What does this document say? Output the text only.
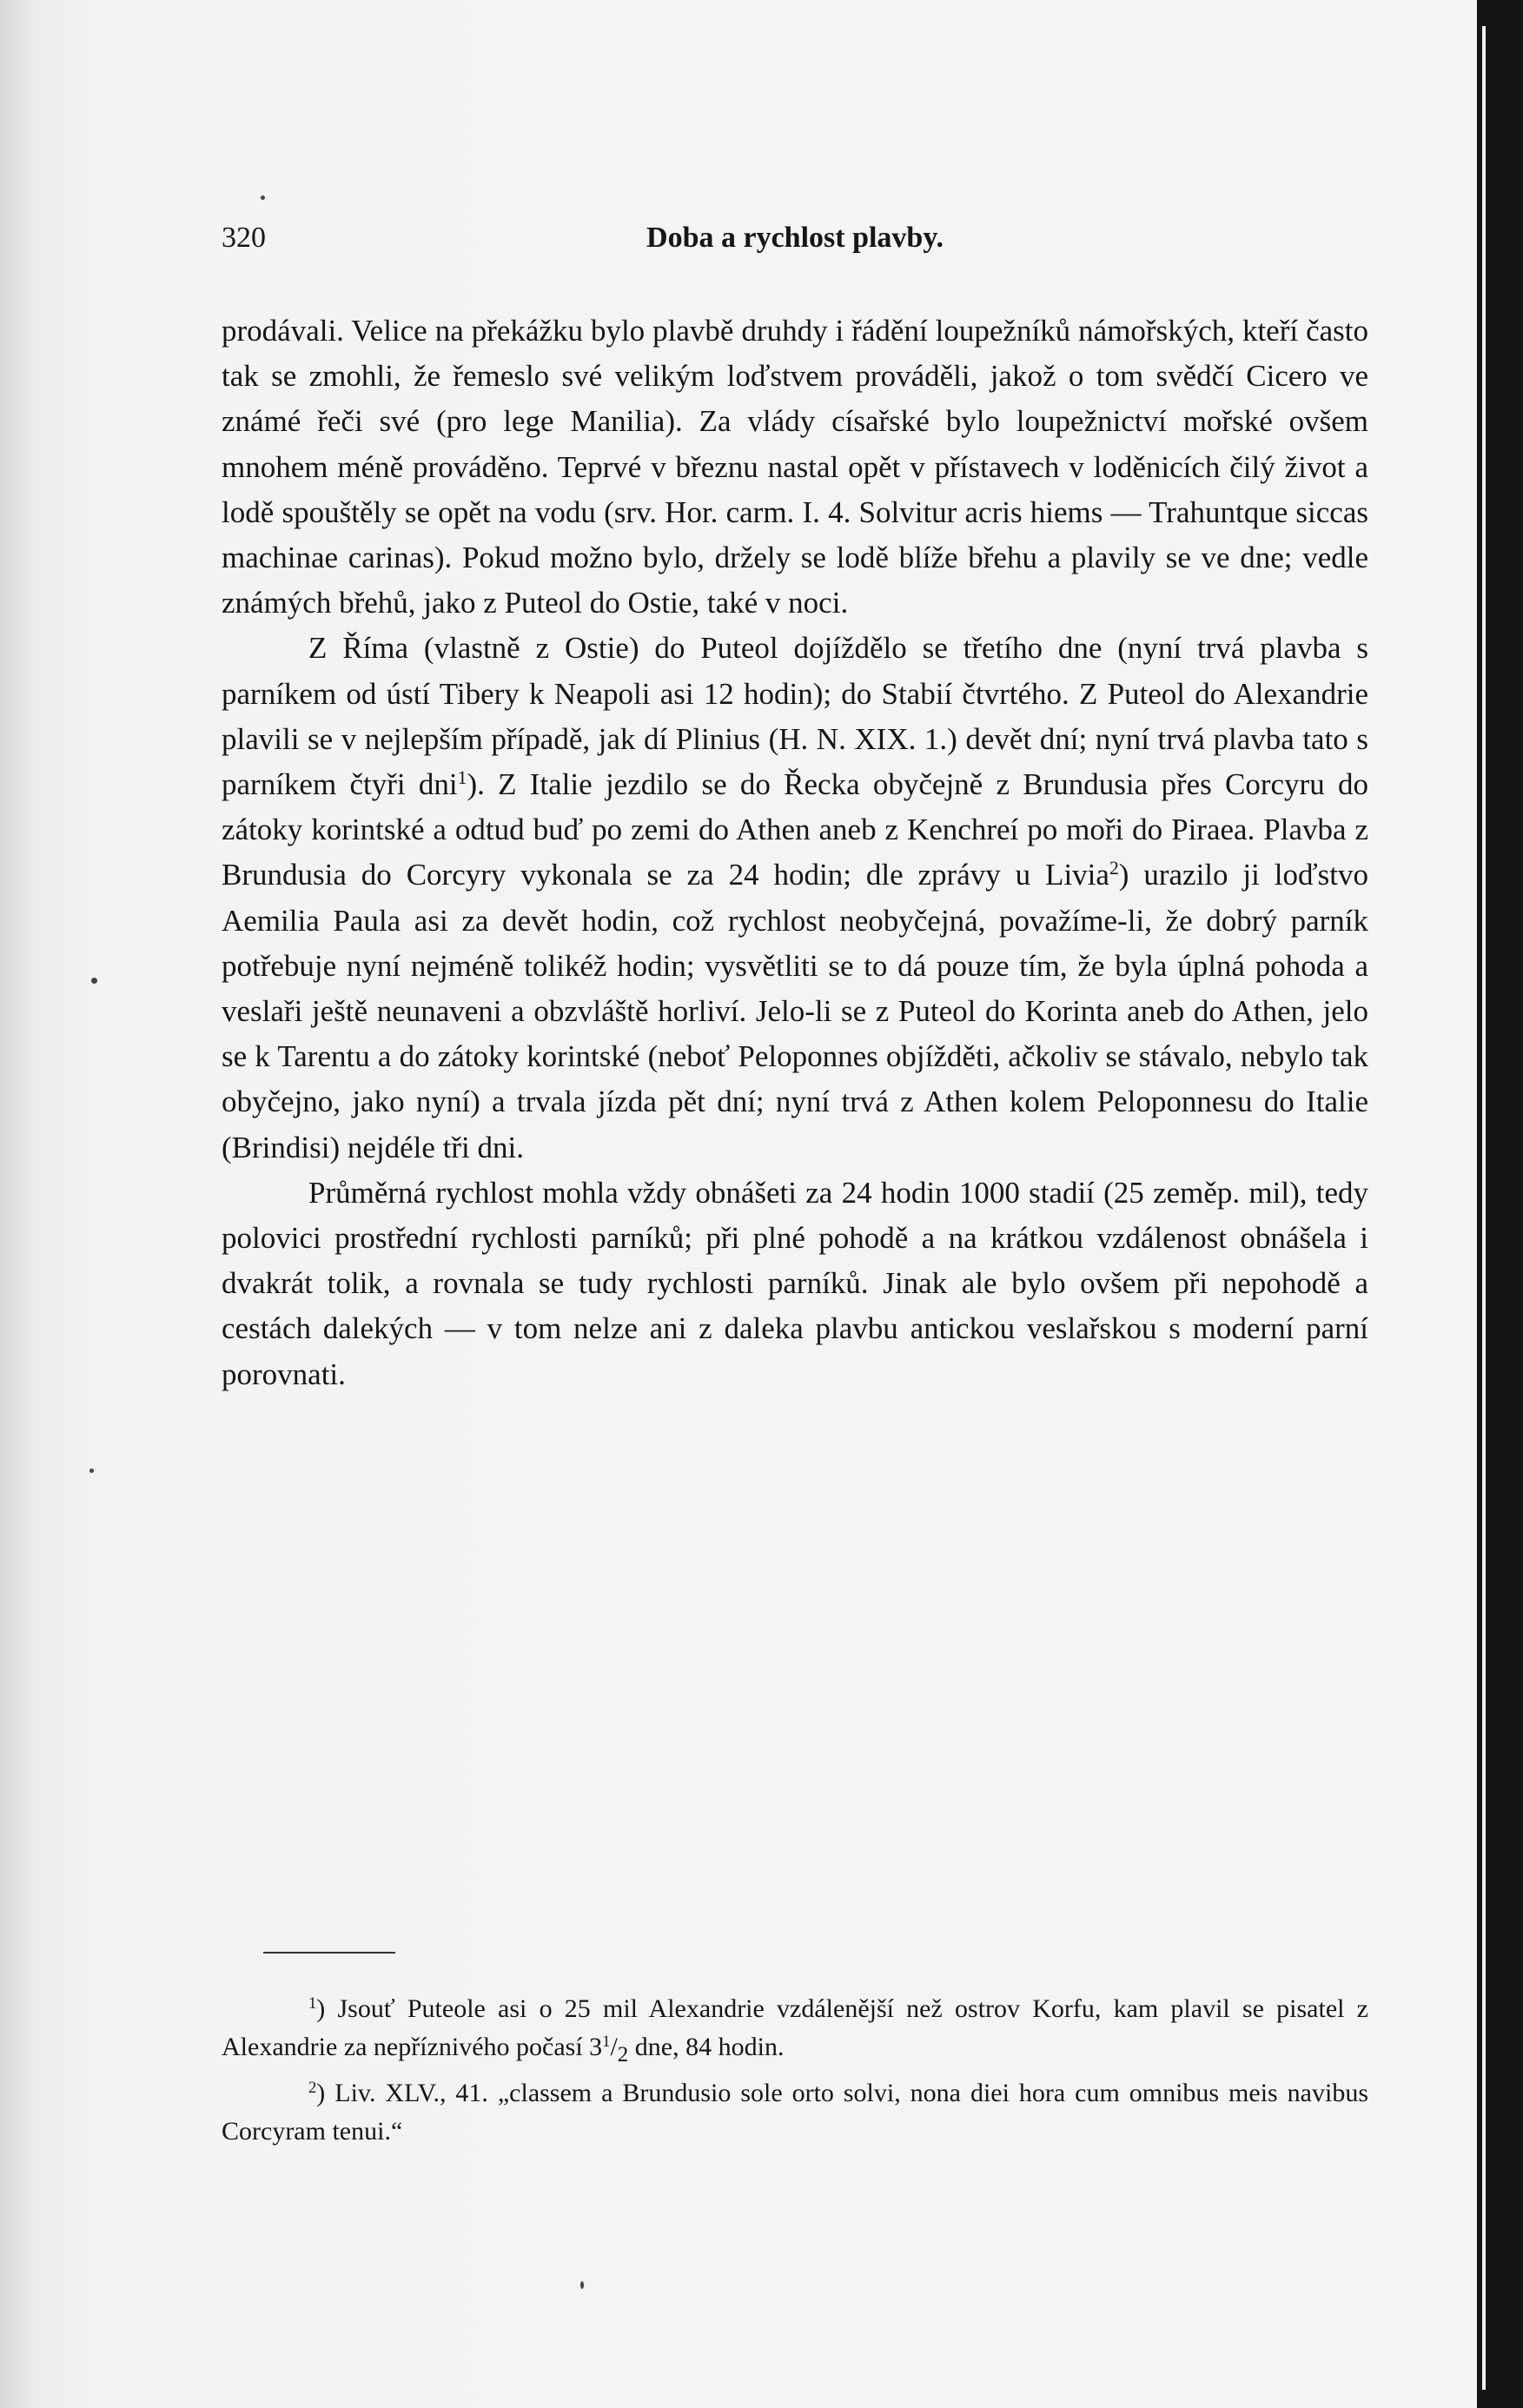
320	Doba a rychlost plavby.

prodávali. Velice na překážku bylo plavbě druhdy i řádění loupežníků námořských, kteří často tak se zmohli, že řemeslo své velikým loďstvem prováděli, jakož o tom svědčí Cicero ve známé řeči své (pro lege Manilia). Za vlády císařské bylo loupežnictví mořské ovšem mnohem méně prováděno. Teprvé v březnu nastal opět v přístavech v loděnicích čilý život a lodě spouštěly se opět na vodu (srv. Hor. carm. I. 4. Solvitur acris hiems — Trahuntque siccas machinae carinas). Pokud možno bylo, držely se lodě blíže břehu a plavily se ve dne; vedle známých břehů, jako z Puteol do Ostie, také v noci.

Z Říma (vlastně z Ostie) do Puteol dojíždělo se třetího dne (nyní trvá plavba s parníkem od ústí Tibery k Neapoli asi 12 hodin); do Stabií čtvrtého. Z Puteol do Alexandrie plavili se v nejlepším případě, jak dí Plinius (H. N. XIX. 1.) devět dní; nyní trvá plavba tato s parníkem čtyři dni$^1$). Z Italie jezdilo se do Řecka obyčejně z Brundusia přes Corcyru do zátoky korintské a odtud buď po zemi do Athen aneb z Kenchreí po moři do Piraea. Plavba z Brundusia do Corcyry vykonala se za 24 hodin; dle zprávy u Livia$^2$) urazilo ji loďstvo Aemilia Paula asi za devět hodin, což rychlost neobyčejná, považíme-li, že dobrý parník potřebuje nyní nejméně tolikéž hodin; vysvětliti se to dá pouze tím, že byla úplná pohoda a veslaři ještě neunaveni a obzvláště horliví. Jelo-li se z Puteol do Korinta aneb do Athen, jelo se k Tarentu a do zátoky korintské (neboť Peloponnes objížděti, ačkoliv se stávalo, nebylo tak obyčejno, jako nyní) a trvala jízda pět dní; nyní trvá z Athen kolem Peloponnesu do Italie (Brindisi) nejdéle tři dni.

Průměrná rychlost mohla vždy obnášeti za 24 hodin 1000 stadií (25 zeměp. mil), tedy polovici prostřední rychlosti parníků; při plné pohodě a na krátkou vzdálenost obnášela i dvakrát tolik, a rovnala se tudy rychlosti parníků. Jinak ale bylo ovšem při nepohodě a cestách dalekých — v tom nelze ani z daleka plavbu antickou veslařskou s moderní parní porovnati.

$^1$) Jsouť Puteole asi o 25 mil Alexandrie vzdálenější než ostrov Korfu, kam plavil se pisatel z Alexandrie za nepříznivého počasí $3^1/_2$ dne, 84 hodin.

$^2$) Liv. XLV., 41. „classem a Brundusio sole orto solvi, nona diei hora cum omnibus meis navibus Corcyram tenui.“
